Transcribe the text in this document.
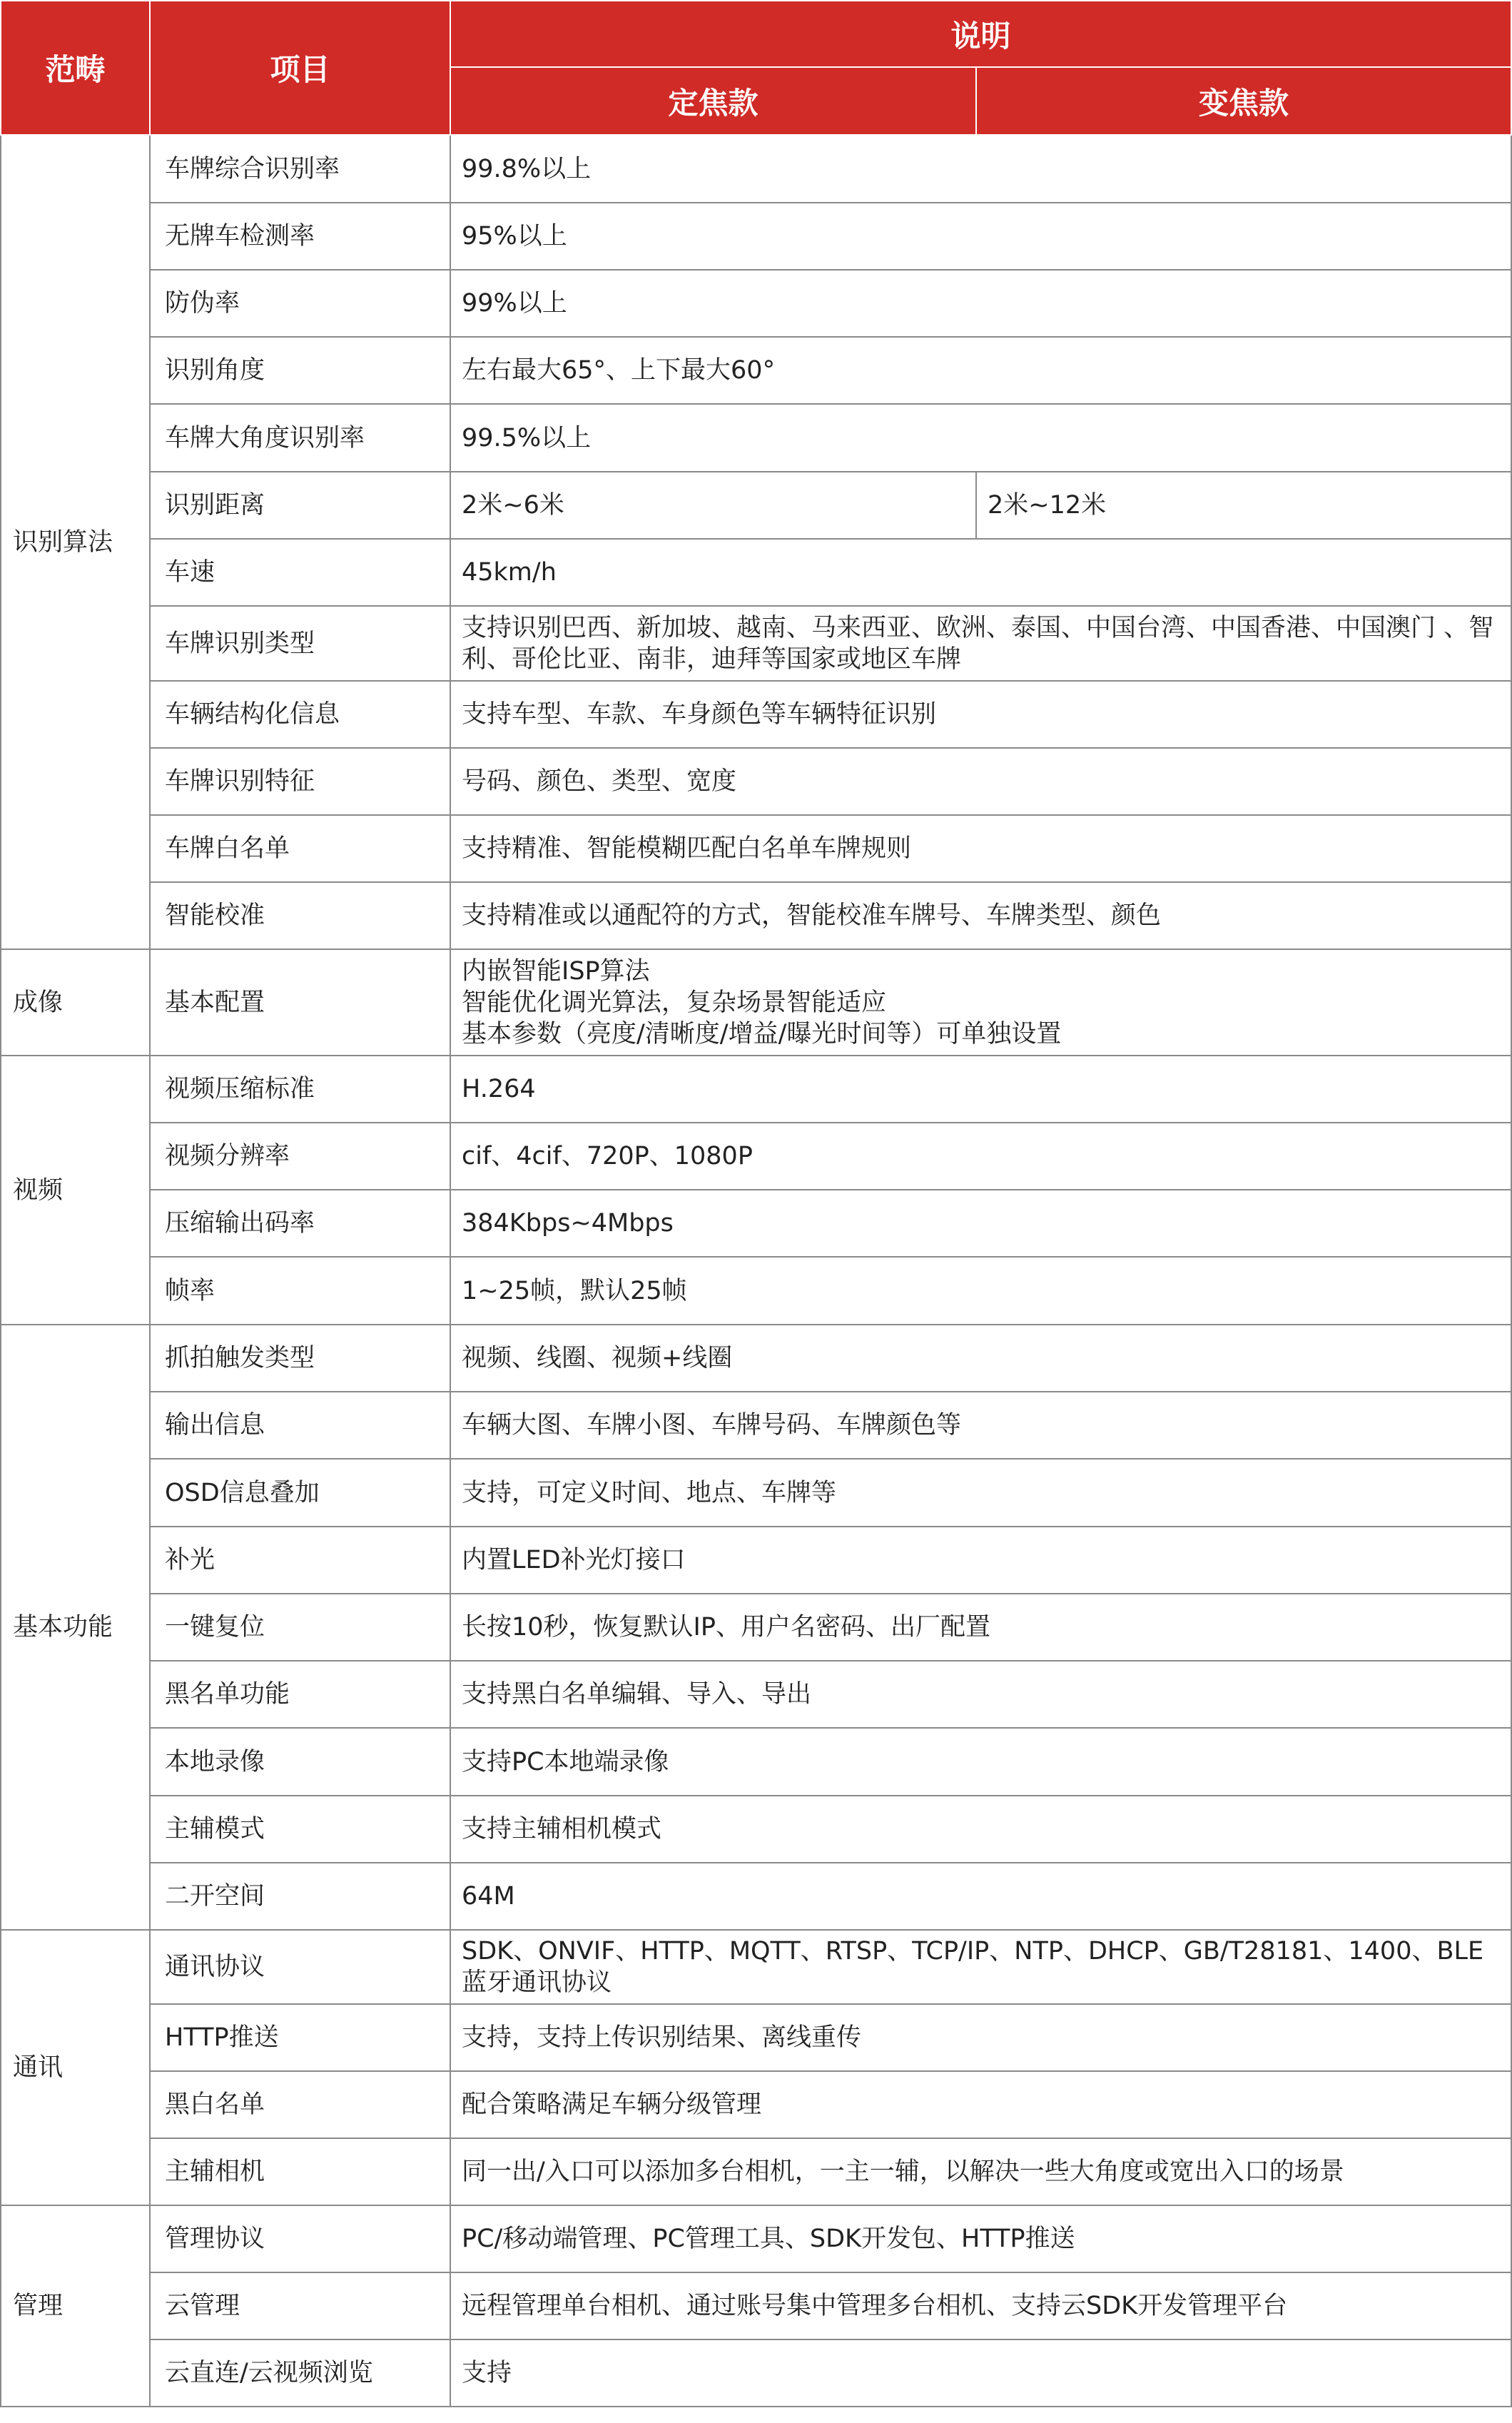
范畴	项目	说明	
		定焦款	变焦款
识别算法	车牌综合识别率	99.8%以上	
	无牌车检测率	95%以上	
	防伪率	99%以上	
	识别角度	左右最大65°、上下最大60°	
	车牌大角度识别率	99.5%以上	
	识别距离	2米~6米	2米~12米
	车速	45km/h	
	车牌识别类型	支持识别巴西、新加坡、越南、马来西亚、欧洲、泰国、中国台湾、中国香港、中国澳门 、智利、哥伦比亚、南非，迪拜等国家或地区车牌	
	车辆结构化信息	支持车型、车款、车身颜色等车辆特征识别	
	车牌识别特征	号码、颜色、类型、宽度	
	车牌白名单	支持精准、智能模糊匹配白名单车牌规则	
	智能校准	支持精准或以通配符的方式，智能校准车牌号、车牌类型、颜色	
成像	基本配置	内嵌智能ISP算法
智能优化调光算法，复杂场景智能适应
基本参数（亮度/清晰度/增益/曝光时间等）可单独设置	

视频	视频压缩标准	H.264	
	视频分辨率	cif、4cif、720P、1080P	
	压缩输出码率	384Kbps~4Mbps	
	帧率	1~25帧，默认25帧	
基本功能	抓拍触发类型	视频、线圈、视频+线圈	
	输出信息	车辆大图、车牌小图、车牌号码、车牌颜色等	
	OSD信息叠加	支持，可定义时间、地点、车牌等	
	补光	内置LED补光灯接口	
	一键复位	长按10秒，恢复默认IP、用户名密码、出厂配置	
	黑名单功能	支持黑白名单编辑、导入、导出	
	本地录像	支持PC本地端录像	
	主辅模式	支持主辅相机模式	
	二开空间	64M	
通讯	通讯协议	SDK、ONVIF、HTTP、MQTT、RTSP、TCP/IP、NTP、DHCP、GB/T28181、1400、BLE蓝牙通讯协议	
	HTTP推送	支持，支持上传识别结果、离线重传	
	黑白名单	配合策略满足车辆分级管理	
	主辅相机	同一出/入口可以添加多台相机，一主一辅，以解决一些大角度或宽出入口的场景	
管理	管理协议	PC/移动端管理、PC管理工具、SDK开发包、HTTP推送	
	云管理	远程管理单台相机、通过账号集中管理多台相机、支持云SDK开发管理平台	
	云直连/云视频浏览	支持	
